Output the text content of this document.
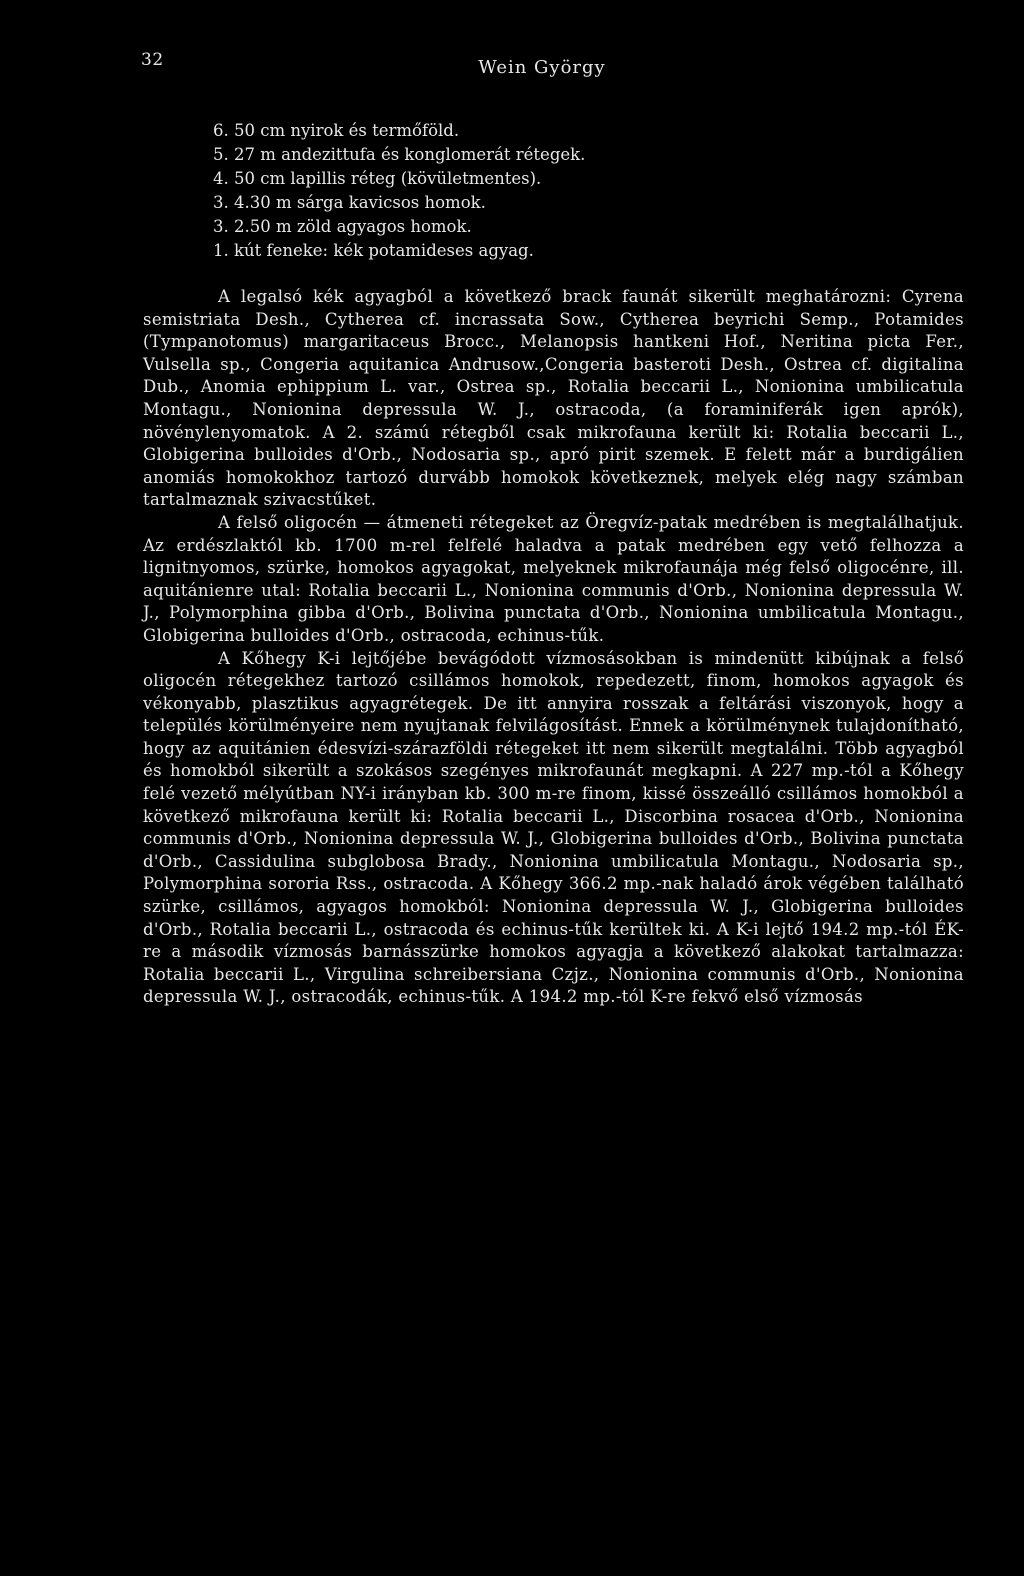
32	Wein György
6. 50 cm nyirok és termőföld.
5. 27 m andezittufa és konglomerát rétegek.
4. 50 cm lapillis réteg (kövületmentes).
3. 4.30 m sárga kavicsos homok.
3. 2.50 m zöld agyagos homok.
1. kút feneke: kék potamideses agyag.

A legalsó kék agyagból a következő brack faunát sikerült meghatározni: Cyrena semistriata Desh., Cytherea cf. incrassata Sow., Cytherea beyrichi Semp., Potamides (Tympanotomus) margaritaceus Brocc., Melanopsis hantkeni Hof., Neritina picta Fer., Vulsella sp., Congeria aquitanica Andrusow.,Congeria basteroti Desh., Ostrea cf. digitalina Dub., Anomia ephippium L. var., Ostrea sp., Rotalia beccarii L., Nonionina umbilicatula Montagu., Nonionina depressula W. J., ostracoda, (a foraminiferák igen aprók), növénylenyomatok. A 2. számú rétegből csak mikrofauna került ki: Rotalia beccarii L., Globigerina bulloides d'Orb., Nodosaria sp., apró pirit szemek. E felett már a burdigálien anomiás homokokhoz tartozó durvább homokok következnek, melyek elég nagy számban tartalmaznak szivacstűket.

A felső oligocén — átmeneti rétegeket az Öregvíz-patak medrében is megtalálhatjuk. Az erdészlaktól kb. 1700 m-rel felfelé haladva a patak medrében egy vető felhozza a lignitnyomos, szürke, homokos agyagokat, melyeknek mikrofaunája még felső oligocénre, ill. aquitánienre utal: Rotalia beccarii L., Nonionina communis d'Orb., Nonionina depressula W. J., Polymorphina gibba d'Orb., Bolivina punctata d'Orb., Nonionina umbilicatula Montagu., Globigerina bulloides d'Orb., ostracoda, echinus-tűk.

A Kőhegy K-i lejtőjébe bevágódott vízmosásokban is mindenütt kibújnak a felső oligocén rétegekhez tartozó csillámos homokok, repedezett, finom, homokos agyagok és vékonyabb, plasztikus agyagrétegek. De itt annyira rosszak a feltárási viszonyok, hogy a település körülményeire nem nyujtanak felvilágosítást. Ennek a körülménynek tulajdonítható, hogy az aquitánien édesvízi-szárazföldi rétegeket itt nem sikerült megtalálni. Több agyagból és homokból sikerült a szokásos szegényes mikrofaunát megkapni. A 227 mp.-tól a Kőhegy felé vezető mélyútban NY-i irányban kb. 300 m-re finom, kissé összeálló csillámos homokból a következő mikrofauna került ki: Rotalia beccarii L., Discorbina rosacea d'Orb., Nonionina communis d'Orb., Nonionina depressula W. J., Globigerina bulloides d'Orb., Bolivina punctata d'Orb., Cassidulina subglobosa Brady., Nonionina umbilicatula Montagu., Nodosaria sp., Polymorphina sororia Rss., ostracoda. A Kőhegy 366.2 mp.-nak haladó árok végében található szürke, csillámos, agyagos homokból: Nonionina depressula W. J., Globigerina bulloides d'Orb., Rotalia beccarii L., ostracoda és echinus-tűk kerültek ki. A K-i lejtő 194.2 mp.-tól ÉK-re a második vízmosás barnásszürke homokos agyagja a következő alakokat tartalmazza: Rotalia beccarii L., Virgulina schreibersiana Czjz., Nonionina communis d'Orb., Nonionina depressula W. J., ostracodák, echinus-tűk. A 194.2 mp.-tól K-re fekvő első vízmosás
